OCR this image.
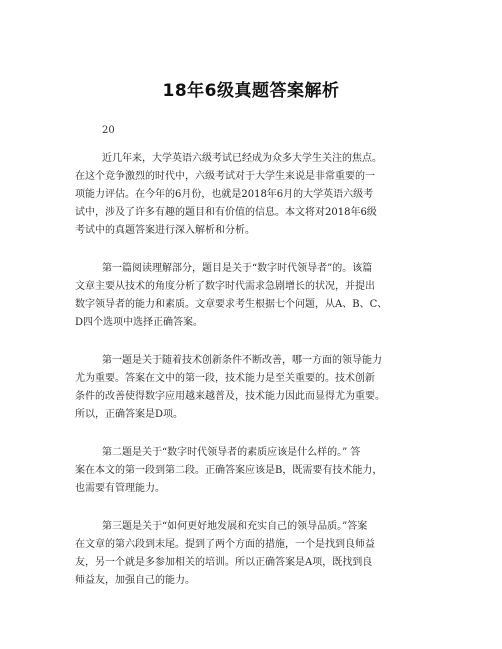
18年6级真题答案解析
20
近几年来，大学英语六级考试已经成为众多大学生关注的焦点。
在这个竞争激烈的时代中，六级考试对于大学生来说是非常重要的一
项能力评估。在今年的6月份，也就是2018年6月的大学英语六级考
试中，涉及了许多有趣的题目和有价值的信息。本文将对2018年6级
考试中的真题答案进行深入解析和分析。
第一篇阅读理解部分，题目是关于“数字时代领导者”的。该篇
文章主要从技术的角度分析了数字时代需求急剧增长的状况，并提出
数字领导者的能力和素质。文章要求考生根据七个问题，从A、B、C、
D四个选项中选择正确答案。
第一题是关于随着技术创新条件不断改善，哪一方面的领导能力
尤为重要。答案在文中的第一段，技术能力是至关重要的。技术创新
条件的改善使得数字应用越来越普及，技术能力因此而显得尤为重要。
所以，正确答案是D项。
第二题是关于“数字时代领导者的素质应该是什么样的。” 答
案在本文的第一段到第二段。正确答案应该是B，既需要有技术能力，
也需要有管理能力。
第三题是关于“如何更好地发展和充实自己的领导品质。”答案
在文章的第六段到末尾。提到了两个方面的措施，一个是找到良师益
友，另一个就是多参加相关的培训。所以正确答案是A项，既找到良
师益友，加强自己的能力。
